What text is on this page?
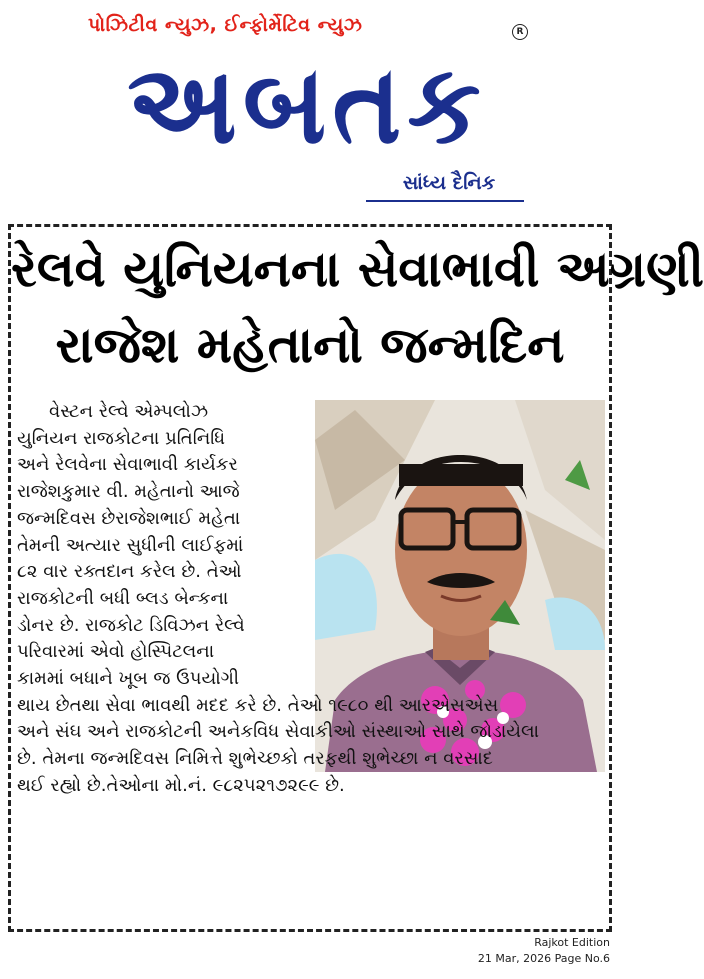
પોઝિટીવ ન્યુઝ, ઈન્ફોર્મેટિવ ન્યુઝ	R
અબતક
સાંધ્ય દૈનિક
રેલવે યુનિયનના સેવાભાવી અગ્રણી
રાજેશ મહેતાનો જન્મદિન

વેસ્ટન રેલ્વે એમ્પલોઝ

યુનિયન રાજકોટના પ્રતિનિધિ

અને રેલવેના સેવાભાવી કાર્યકર

રાજેશકુમાર વી. મહેતાનો આજે

જન્મદિવસ છેરાજેશભાઈ મહેતા

તેમની અત્યાર સુધીની લાઈફમાં

૮૨ વાર રક્તદાન કરેલ છે. તેઓ

રાજકોટની બધી બ્લડ બેન્કના

ડોનર છે. રાજકોટ ડિવિઝન રેલ્વે

પરિવારમાં એવો હોસ્પિટલના

કામમાં બધાને ખૂબ જ ઉપયોગી

થાય છેતથા સેવા ભાવથી મદદ કરે છે. તેઓ ૧૯૮૦ થી આરએસએસ

અને સંઘ અને રાજકોટની અનેકવિધ સેવાકીઓ સંસ્થાઓ સાથે જોડાયેલા

છે. તેમના જન્મદિવસ નિમિત્તે શુભેચ્છકો તરફથી શુભેચ્છા ન વરસાદ

થઈ રહ્યો છે.તેઓના મો.નં. ૯૮૨૫૨૧૭૨૯૯ છે.

Rajkot Edition
21 Mar, 2026 Page No.6
